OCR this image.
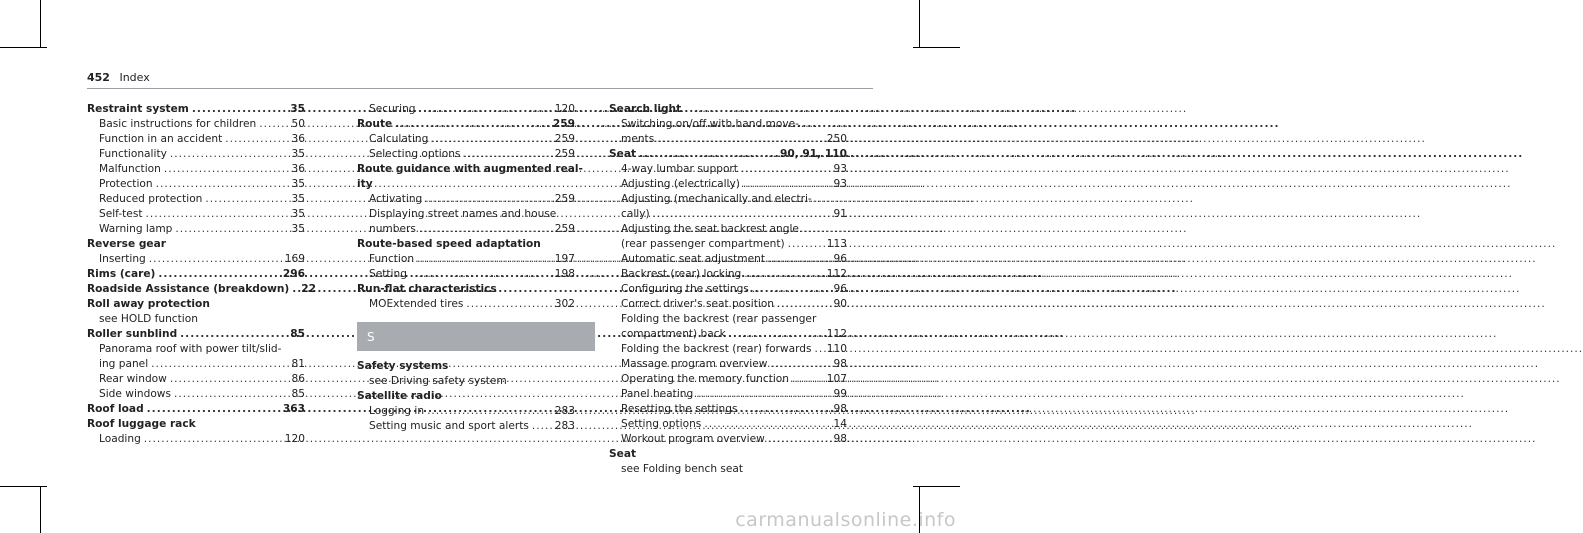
452 Index
Restraint system .....	35
Basic instructions for children .....	50
Function in an accident .....	36
Functionality .....	35
Malfunction .....	36
Protection .....	35
Reduced protection .....	35
Self-test .....	35
Warning lamp .....	35
Reverse gear
Inserting .....	169
Rims (care) .....	296
Roadside Assistance (breakdown) ..... 22
Roll away protection
see HOLD function
Roller sunblind .....	85
Panorama roof with power tilt/slid-
ing panel .....	81
Rear window .....	86
Side windows .....	85
Roof load .....	363
Roof luggage rack
Loading .....	120
Securing .....	120
Route .....	259
Calculating .....	259
Selecting options .....	259
Route guidance with augmented real-
ity
Activating .....	259
Displaying street names and house
numbers .....	259
Route-based speed adaptation
Function .....	197
Setting .....	198
Run-flat characteristics
MOExtended tires .....	302
S
Safety systems
see Driving safety system
Satellite radio
Logging in .....	283
Setting music and sport alerts ..... 283
Search light
Switching on/off with hand move-
ments .....	250
Seat .....	90, 91, 110
4-way lumbar support .....	93
Adjusting (electrically) .....	93
Adjusting (mechanically and electri-
cally) .....	91
Adjusting the seat backrest angle
(rear passenger compartment) .....	113
Automatic seat adjustment .....	96
Backrest (rear) locking .....	112
Configuring the settings .....	96
Correct driver's seat position .....	90
Folding the backrest (rear passenger
compartment) back .....	112
Folding the backrest (rear) forwards ..... 110
Massage program overview .....	98
Operating the memory function .....	107
Panel heating .....	99
Resetting the settings .....	98
Setting options .....	14
Workout program overview .....	98
Seat
see Folding bench seat
carmanualsonline.info
